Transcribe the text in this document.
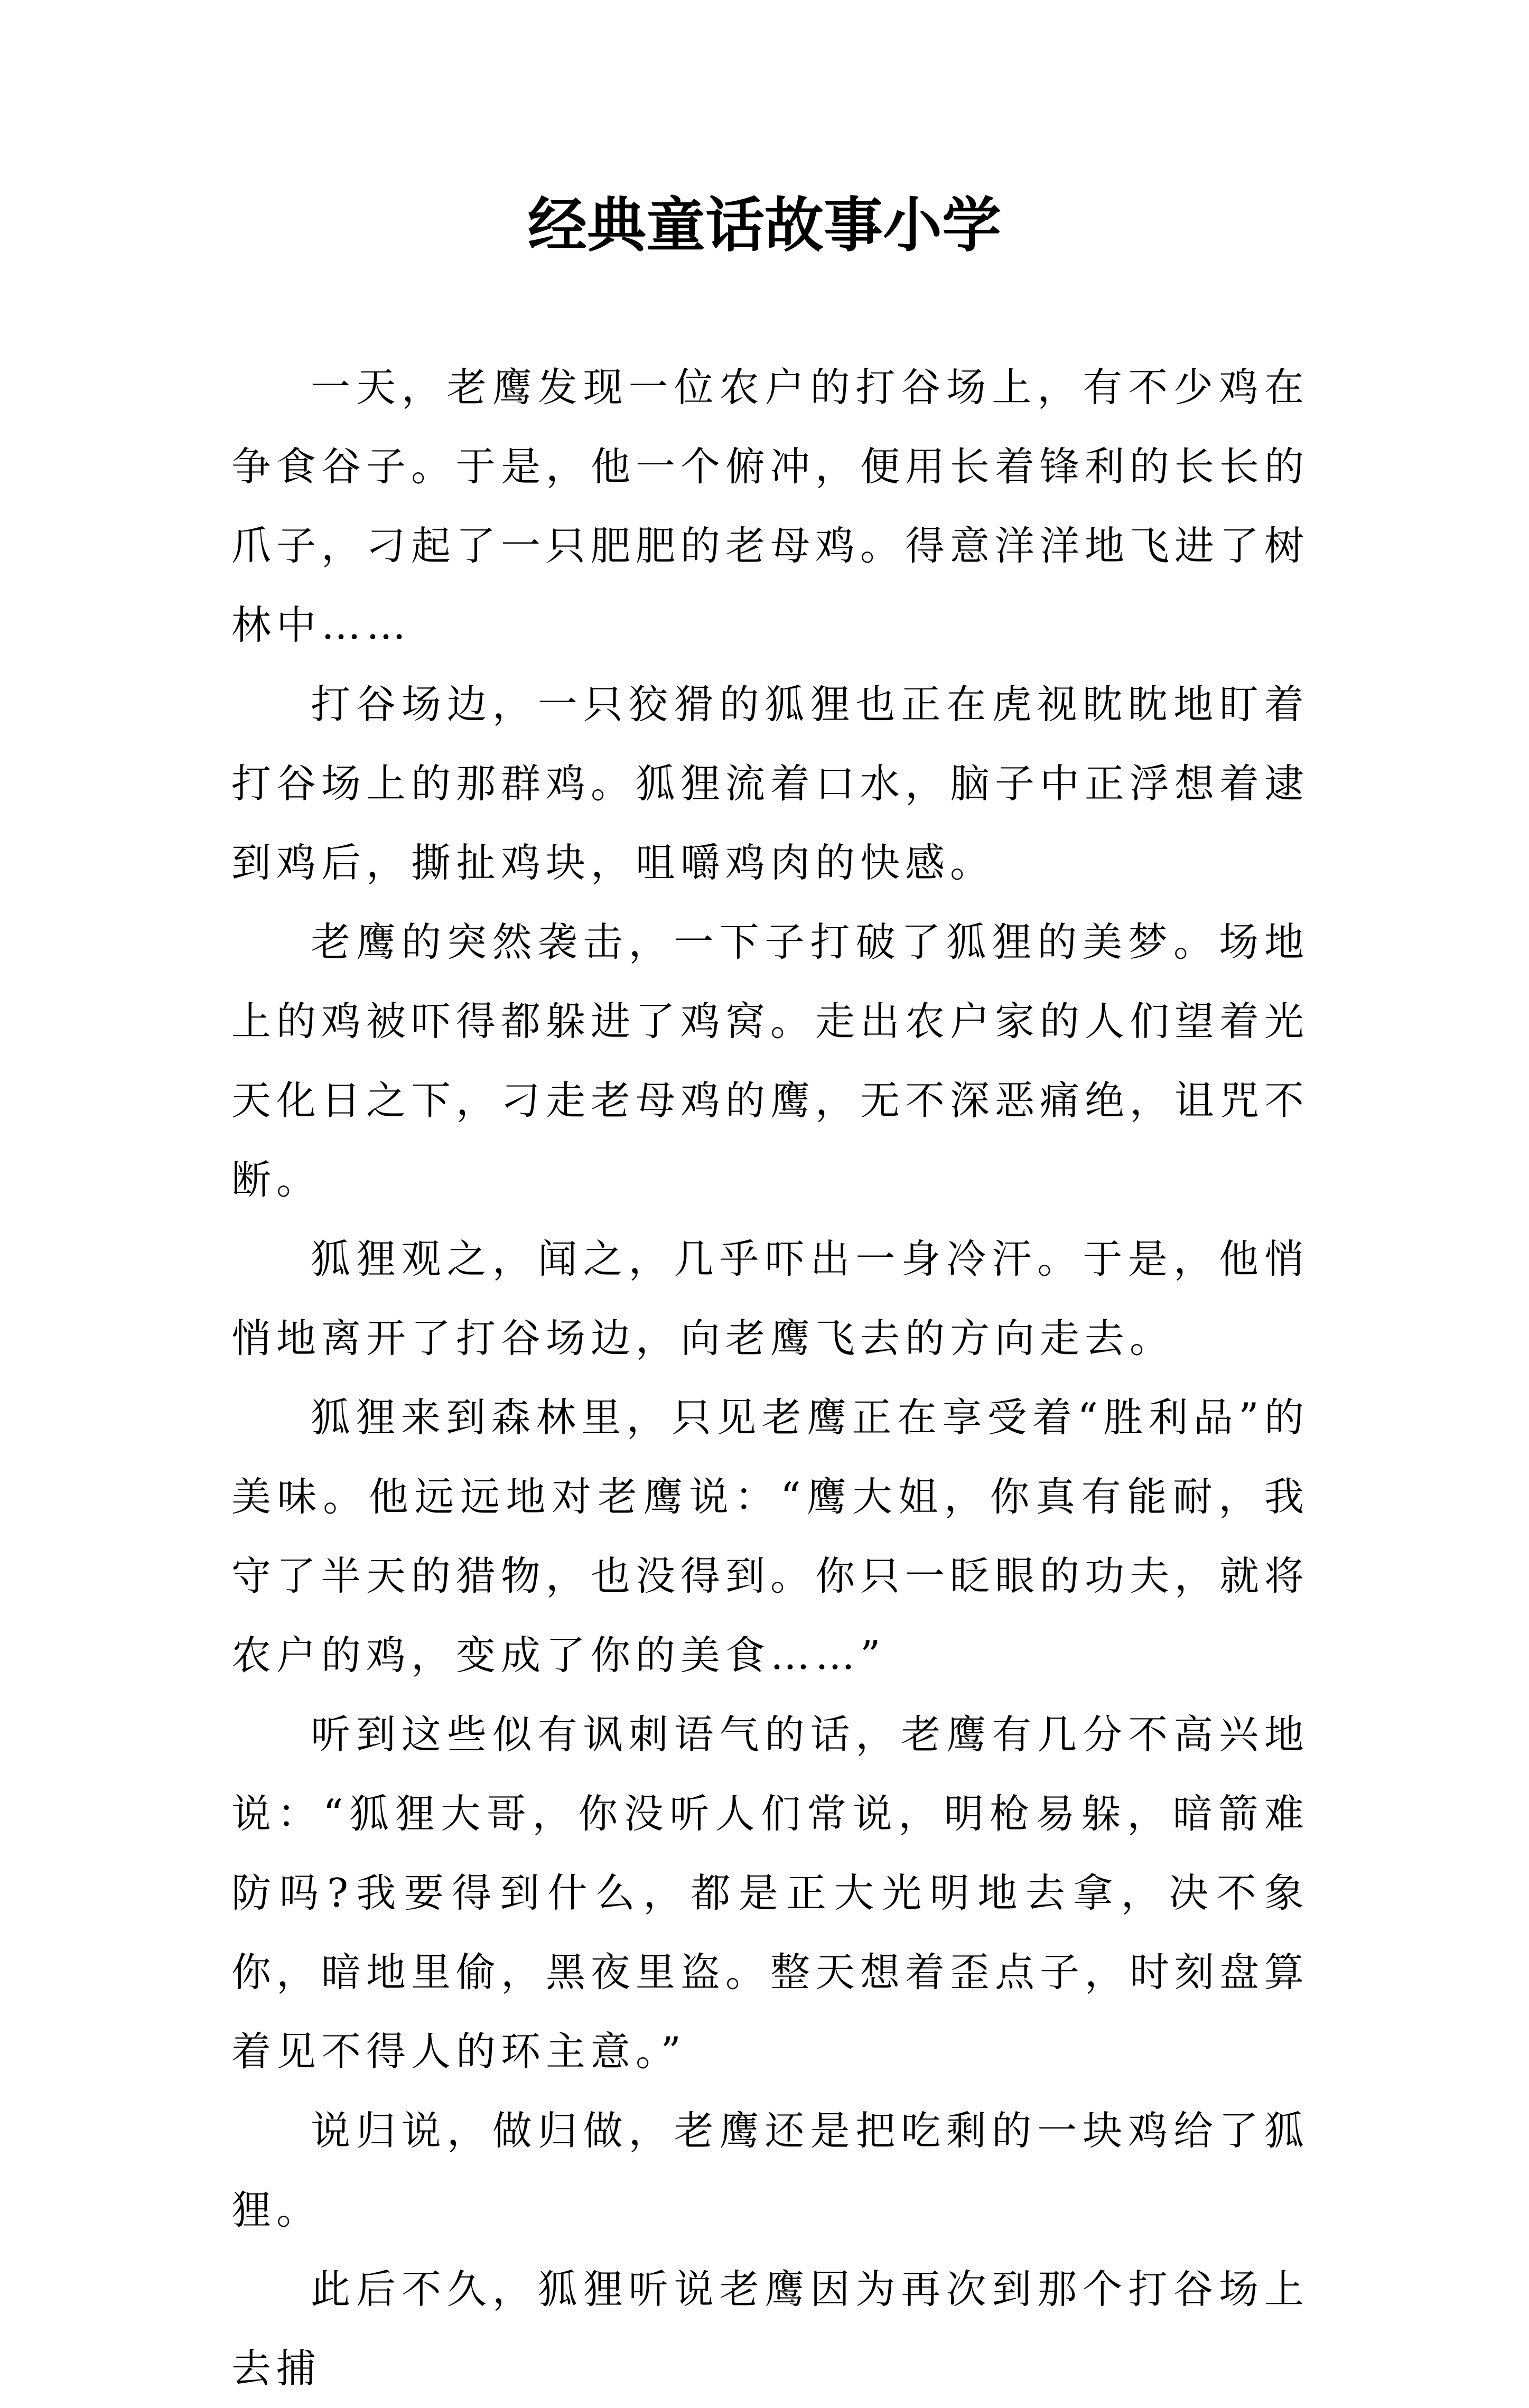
经典童话故事小学

一天，老鹰发现一位农户的打谷场上，有不少鸡在争食谷子。于是，他一个俯冲，便用长着锋利的长长的爪子，刁起了一只肥肥的老母鸡。得意洋洋地飞进了树林中……

打谷场边，一只狡猾的狐狸也正在虎视眈眈地盯着打谷场上的那群鸡。狐狸流着口水，脑子中正浮想着逮到鸡后，撕扯鸡块，咀嚼鸡肉的快感。

老鹰的突然袭击，一下子打破了狐狸的美梦。场地上的鸡被吓得都躲进了鸡窝。走出农户家的人们望着光天化日之下，刁走老母鸡的鹰，无不深恶痛绝，诅咒不断。

狐狸观之，闻之，几乎吓出一身冷汗。于是，他悄悄地离开了打谷场边，向老鹰飞去的方向走去。

狐狸来到森林里，只见老鹰正在享受着“胜利品”的美味。他远远地对老鹰说：“鹰大姐，你真有能耐，我守了半天的猎物，也没得到。你只一眨眼的功夫，就将农户的鸡，变成了你的美食……”

听到这些似有讽刺语气的话，老鹰有几分不高兴地说：“狐狸大哥，你没听人们常说，明枪易躲，暗箭难防吗?我要得到什么，都是正大光明地去拿，决不象你，暗地里偷，黑夜里盗。整天想着歪点子，时刻盘算着见不得人的环主意。”

说归说，做归做，老鹰还是把吃剩的一块鸡给了狐狸。

此后不久，狐狸听说老鹰因为再次到那个打谷场上去捕
